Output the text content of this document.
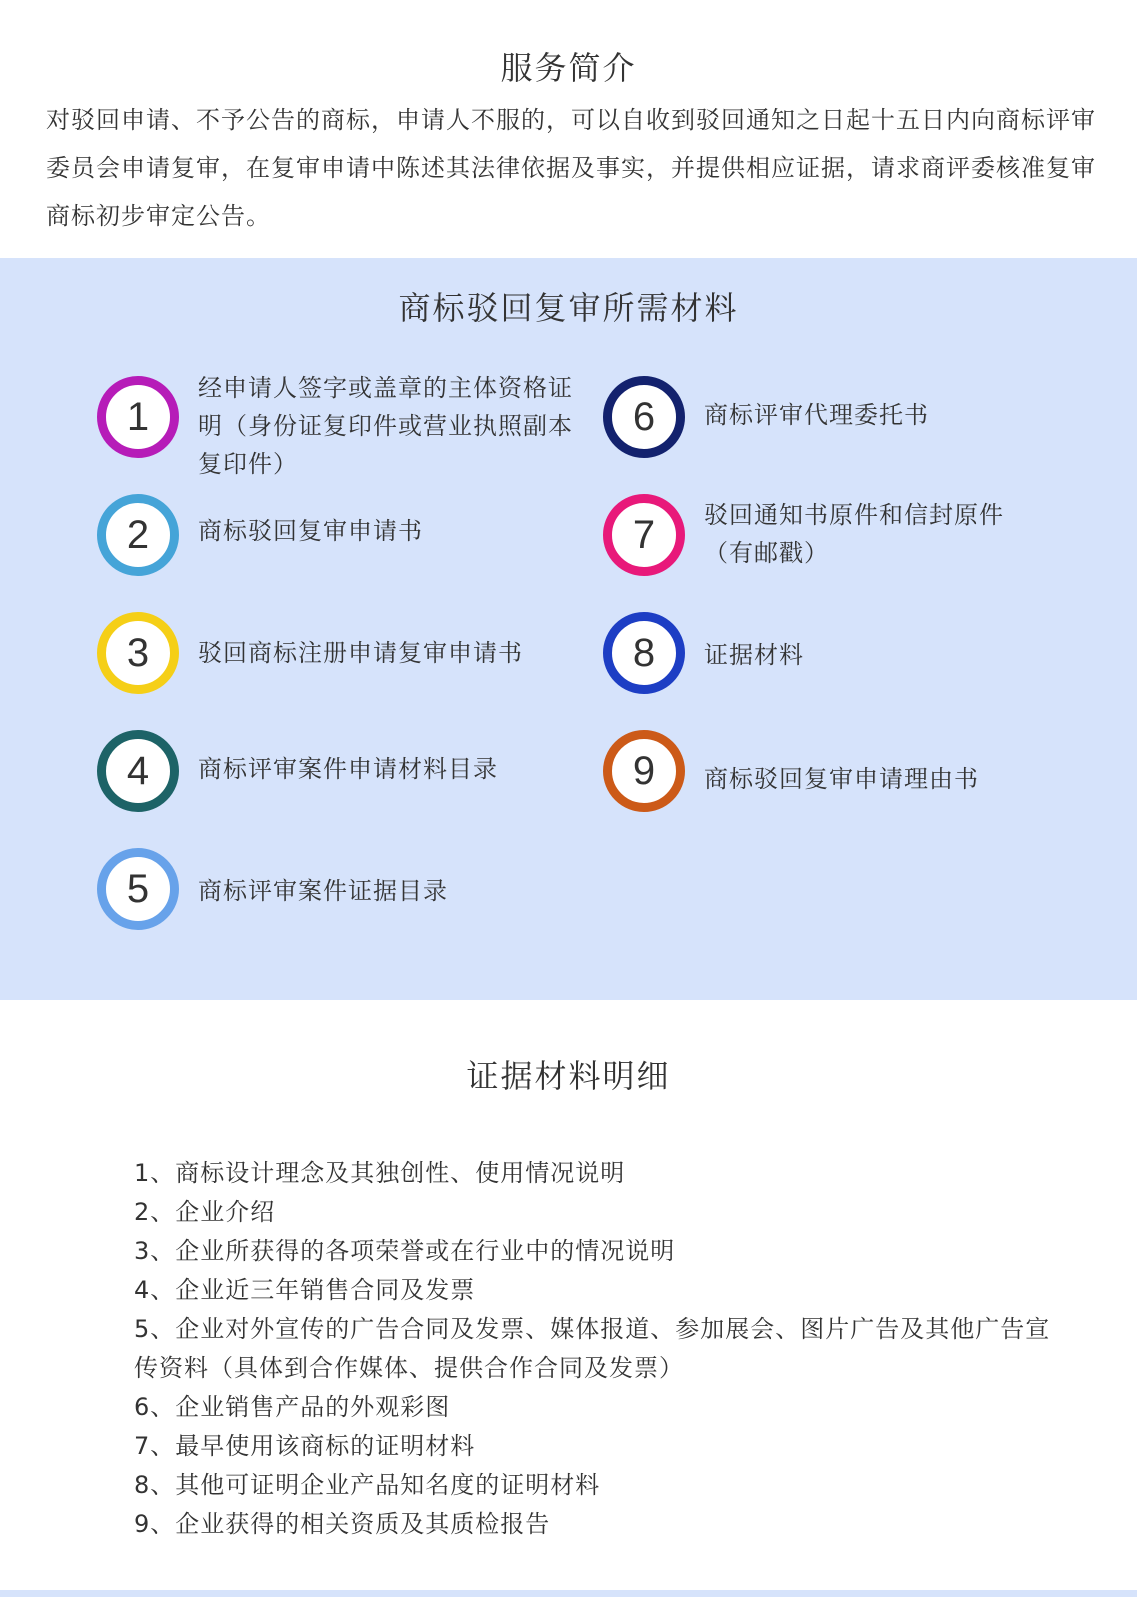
服务简介

对驳回申请、不予公告的商标，申请人不服的，可以自收到驳回通知之日起十五日内向商标评审委员会申请复审，在复审申请中陈述其法律依据及事实，并提供相应证据，请求商评委核准复审商标初步审定公告。

商标驳回复审所需材料
1
经申请人签字或盖章的主体资格证明（身份证复印件或营业执照副本复印件）
2	商标驳回复审申请书
3	驳回商标注册申请复审申请书
4	商标评审案件申请材料目录
5	商标评审案件证据目录
6	商标评审代理委托书
7	驳回通知书原件和信封原件（有邮戳）
8	证据材料
9	商标驳回复审申请理由书
证据材料明细
1、商标设计理念及其独创性、使用情况说明
2、企业介绍
3、企业所获得的各项荣誉或在行业中的情况说明
4、企业近三年销售合同及发票
5、企业对外宣传的广告合同及发票、媒体报道、参加展会、图片广告及其他广告宣传资料（具体到合作媒体、提供合作合同及发票）
6、企业销售产品的外观彩图
7、最早使用该商标的证明材料
8、其他可证明企业产品知名度的证明材料
9、企业获得的相关资质及其质检报告
